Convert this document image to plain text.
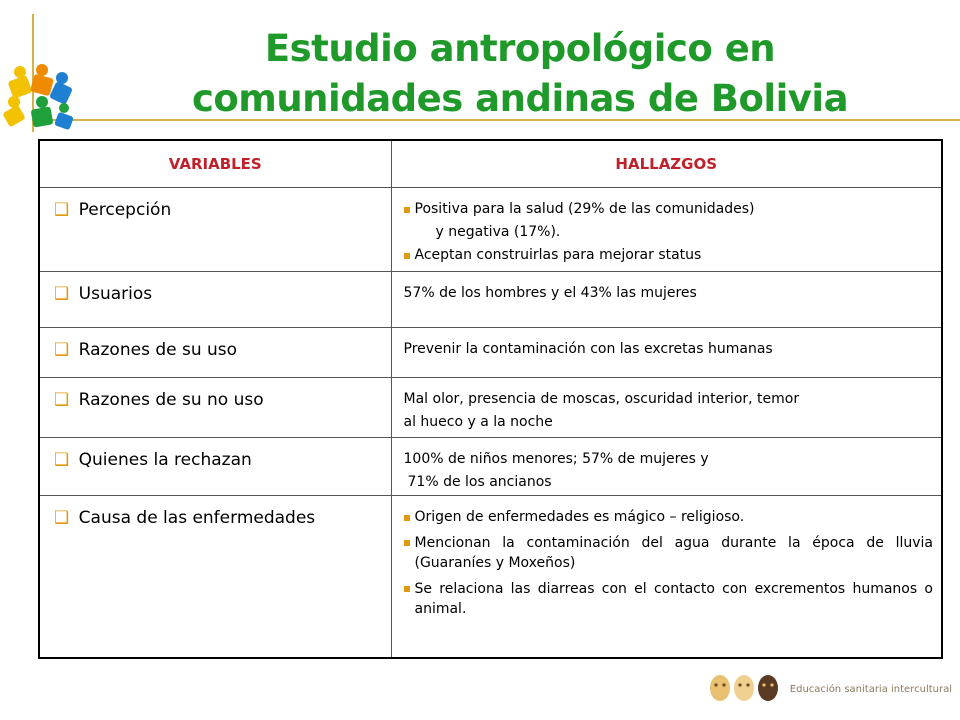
Estudio antropológico en
comunidades andinas de Bolivia
VARIABLES	HALLAZGOS
❑ Percepción	Positiva para la salud (29% de las comunidades)
y negativa (17%).
Aceptan construirlas para mejorar status

❑ Usuarios	57% de los hombres y el 43% las mujeres
❑ Razones de su uso	Prevenir la contaminación con las excretas humanas
❑ Razones de su no uso	Mal olor, presencia de moscas, oscuridad interior, temor
al hueco y a la noche

❑ Quienes la rechazan	100% de niños menores; 57% de mujeres y
71% de los ancianos

❑ Causa de las enfermedades	Origen de enfermedades es mágico – religioso.
Mencionan la contaminación del agua durante la época de lluvia (Guaraníes y Moxeños)
Se relaciona las diarreas con el contacto con excrementos humanos o animal.
Educación sanitaria intercultural
